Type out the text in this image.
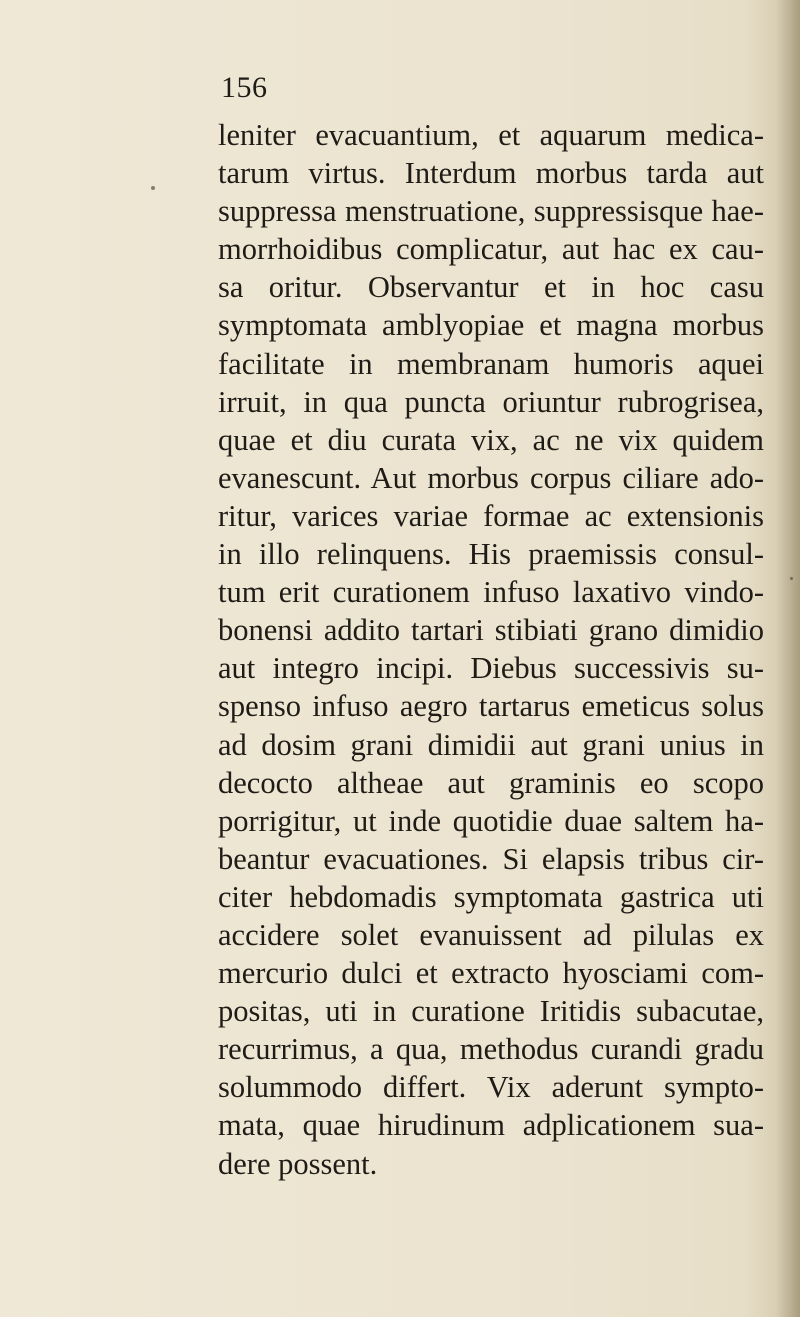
156
leniter evacuantium, et aquarum medica-
tarum virtus. Interdum morbus tarda aut
suppressa menstruatione, suppressisque hae-
morrhoidibus complicatur, aut hac ex cau-
sa oritur. Observantur et in hoc casu
symptomata amblyopiae et magna morbus
facilitate in membranam humoris aquei
irruit, in qua puncta oriuntur rubrogrisea,
quae et diu curata vix, ac ne vix quidem
evanescunt. Aut morbus corpus ciliare ado-
ritur, varices variae formae ac extensionis
in illo relinquens. His praemissis consul-
tum erit curationem infuso laxativo vindo-
bonensi addito tartari stibiati grano dimidio
aut integro incipi. Diebus successivis su-
spenso infuso aegro tartarus emeticus solus
ad dosim grani dimidii aut grani unius in
decocto altheae aut graminis eo scopo
porrigitur, ut inde quotidie duae saltem ha-
beantur evacuationes. Si elapsis tribus cir-
citer hebdomadis symptomata gastrica uti
accidere solet evanuissent ad pilulas ex
mercurio dulci et extracto hyosciami com-
positas, uti in curatione Iritidis subacutae,
recurrimus, a qua, methodus curandi gradu
solummodo differt. Vix aderunt sympto-
mata, quae hirudinum adplicationem sua-
dere possent.
